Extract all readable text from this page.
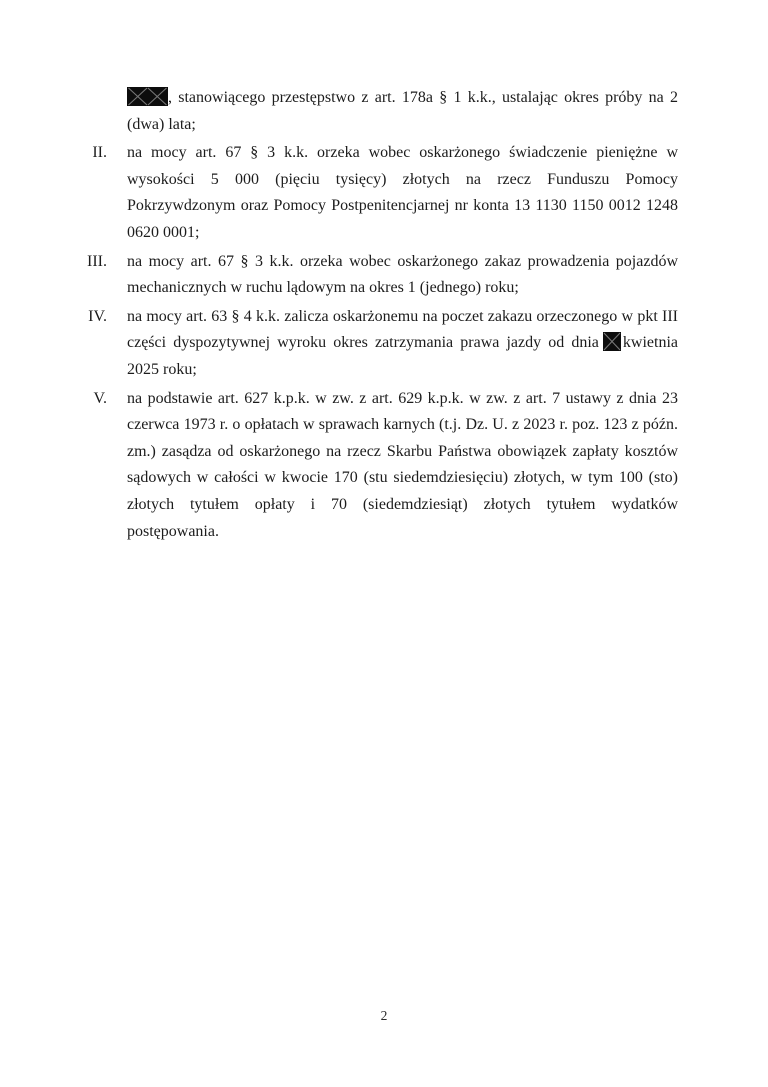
, stanowiącego przestępstwo z art. 178a § 1 k.k., ustalając okres próby na 2 (dwa) lata;
II. na mocy art. 67 § 3 k.k. orzeka wobec oskarżonego świadczenie pieniężne w wysokości 5 000 (pięciu tysięcy) złotych na rzecz Funduszu Pomocy Pokrzywdzonym oraz Pomocy Postpenitencjarnej nr konta 13 1130 1150 0012 1248 0620 0001;
III. na mocy art. 67 § 3 k.k. orzeka wobec oskarżonego zakaz prowadzenia pojazdów mechanicznych w ruchu lądowym na okres 1 (jednego) roku;
IV. na mocy art. 63 § 4 k.k. zalicza oskarżonemu na poczet zakazu orzeczonego w pkt III części dyspozytywnej wyroku okres zatrzymania prawa jazdy od dnia kwietnia 2025 roku;
V. na podstawie art. 627 k.p.k. w zw. z art. 629 k.p.k. w zw. z art. 7 ustawy z dnia 23 czerwca 1973 r. o opłatach w sprawach karnych (t.j. Dz. U. z 2023 r. poz. 123 z późn. zm.) zasądza od oskarżonego na rzecz Skarbu Państwa obowiązek zapłaty kosztów sądowych w całości w kwocie 170 (stu siedemdziesięciu) złotych, w tym 100 (sto) złotych tytułem opłaty i 70 (siedemdziesiąt) złotych tytułem wydatków postępowania.
2
